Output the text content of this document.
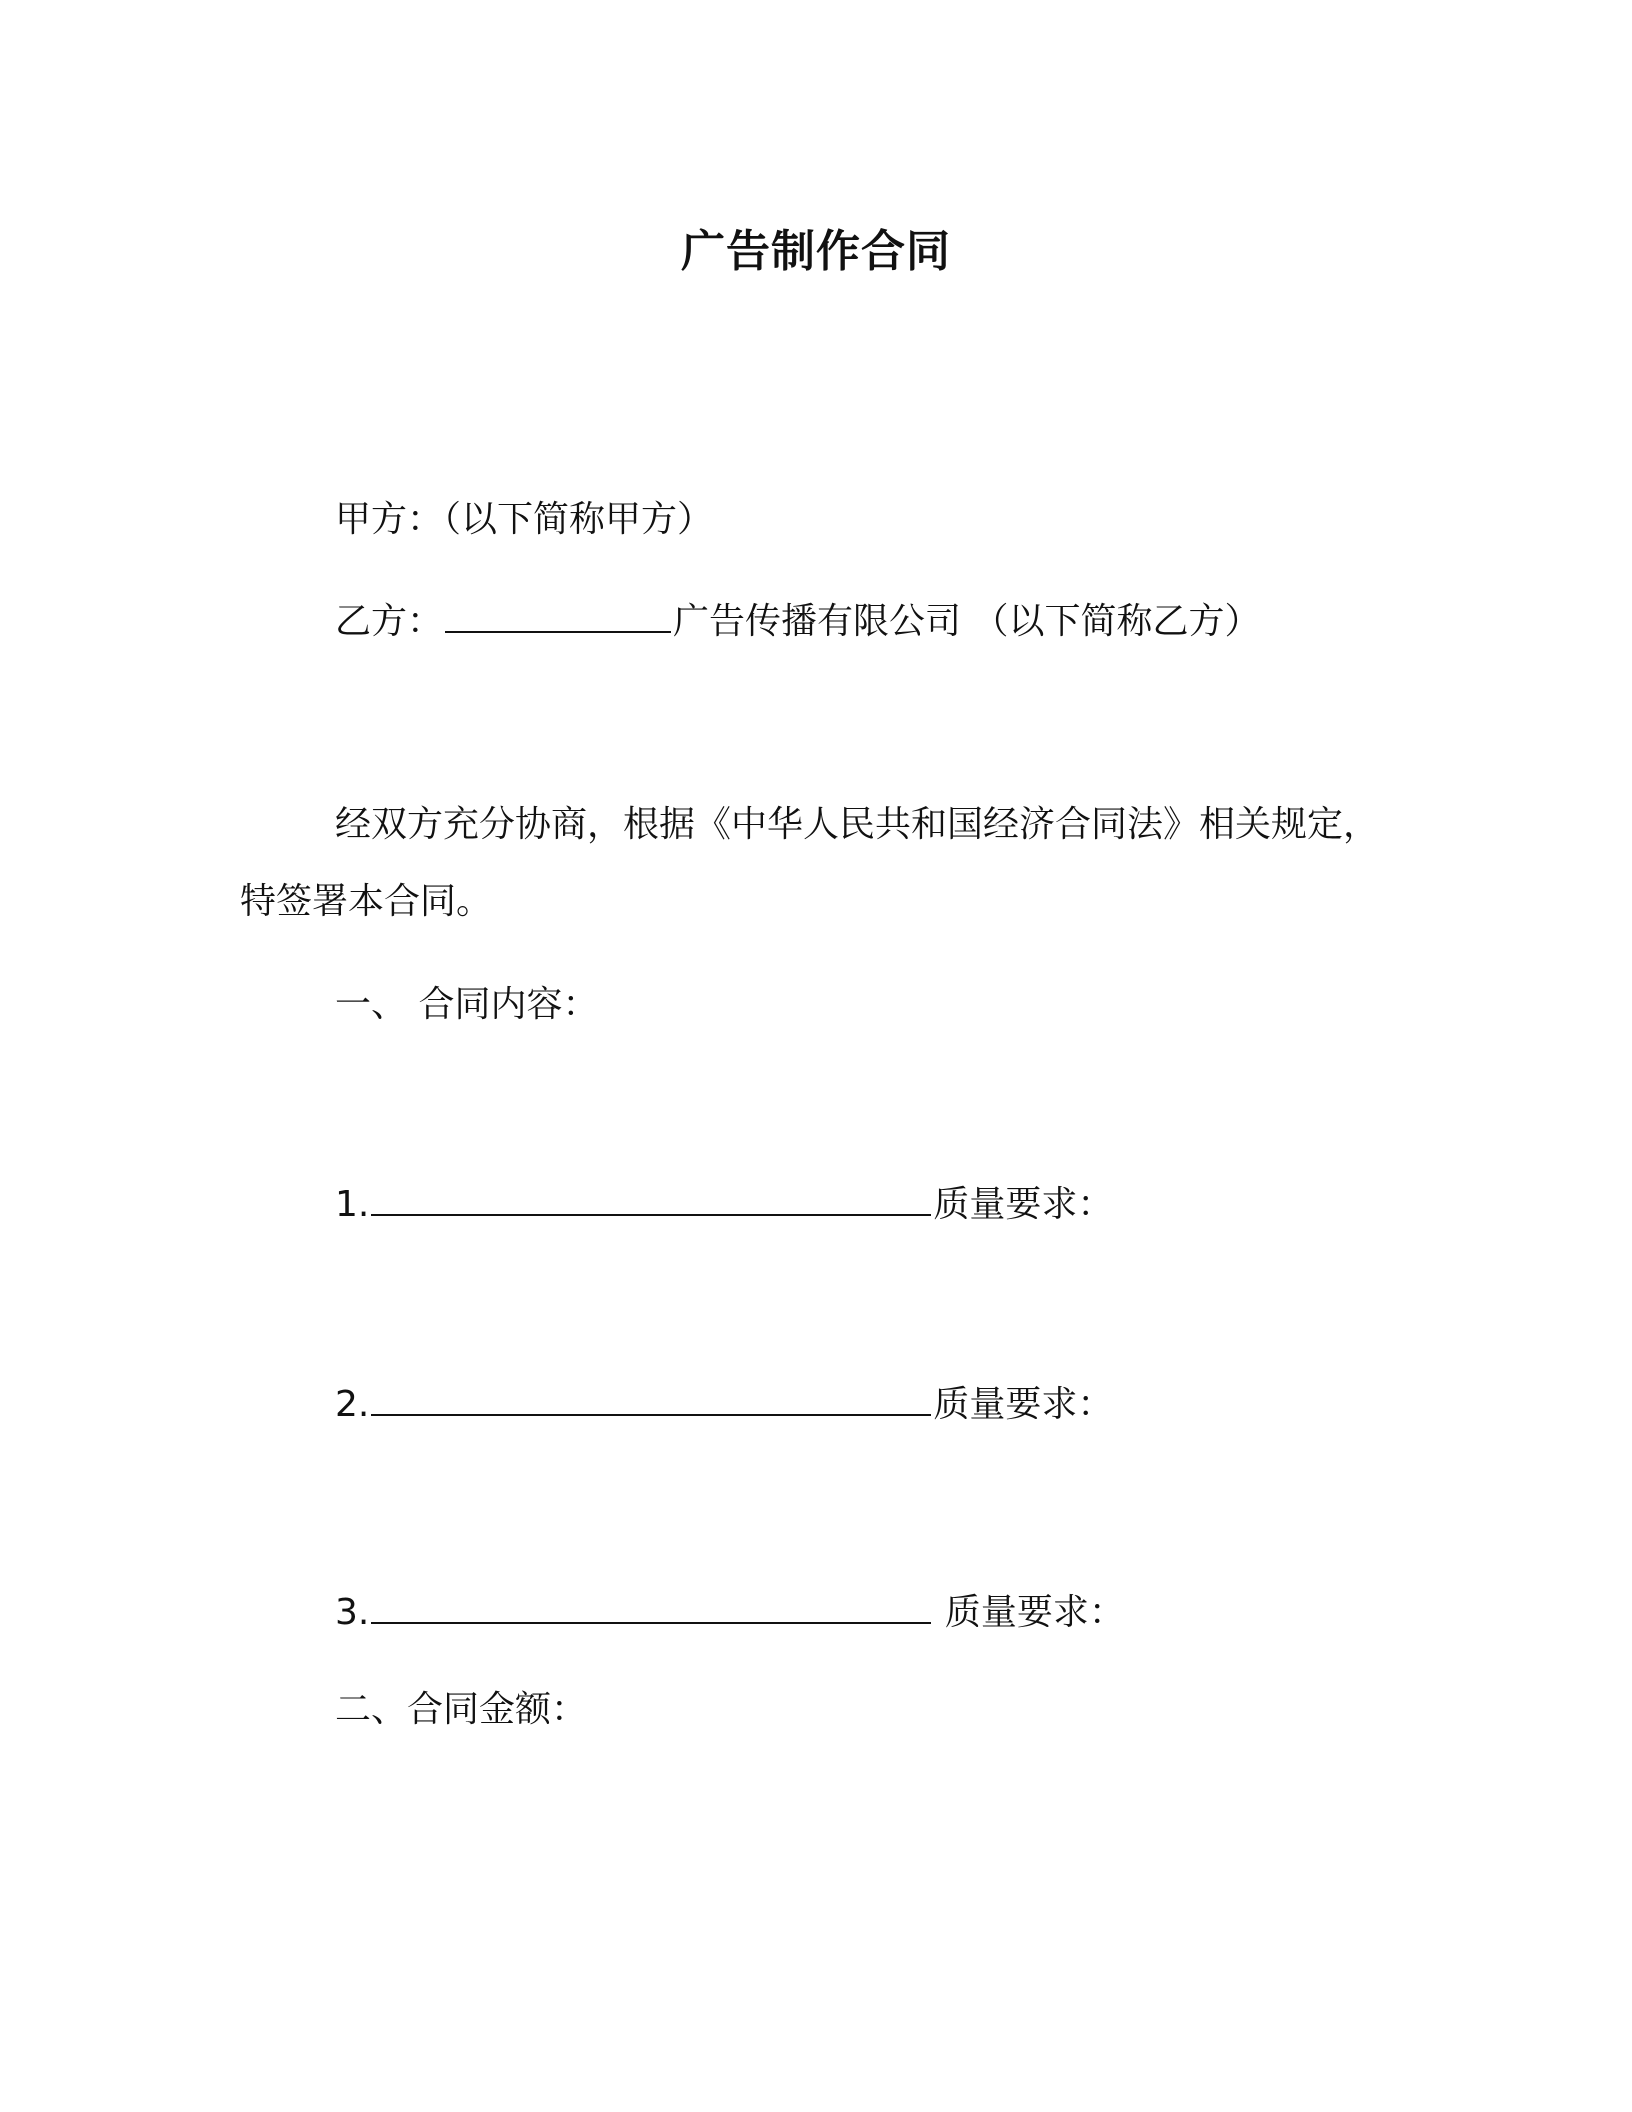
广告制作合同
甲方：（以下简称甲方）
乙方：	广告传播有限公司 （以下简称乙方）
经双方充分协商，根据《中华人民共和国经济合同法》相关规定，
特签署本合同。
一、 合同内容：
1.	质量要求：
2.	质量要求：
3.	质量要求：
二、合同金额：
